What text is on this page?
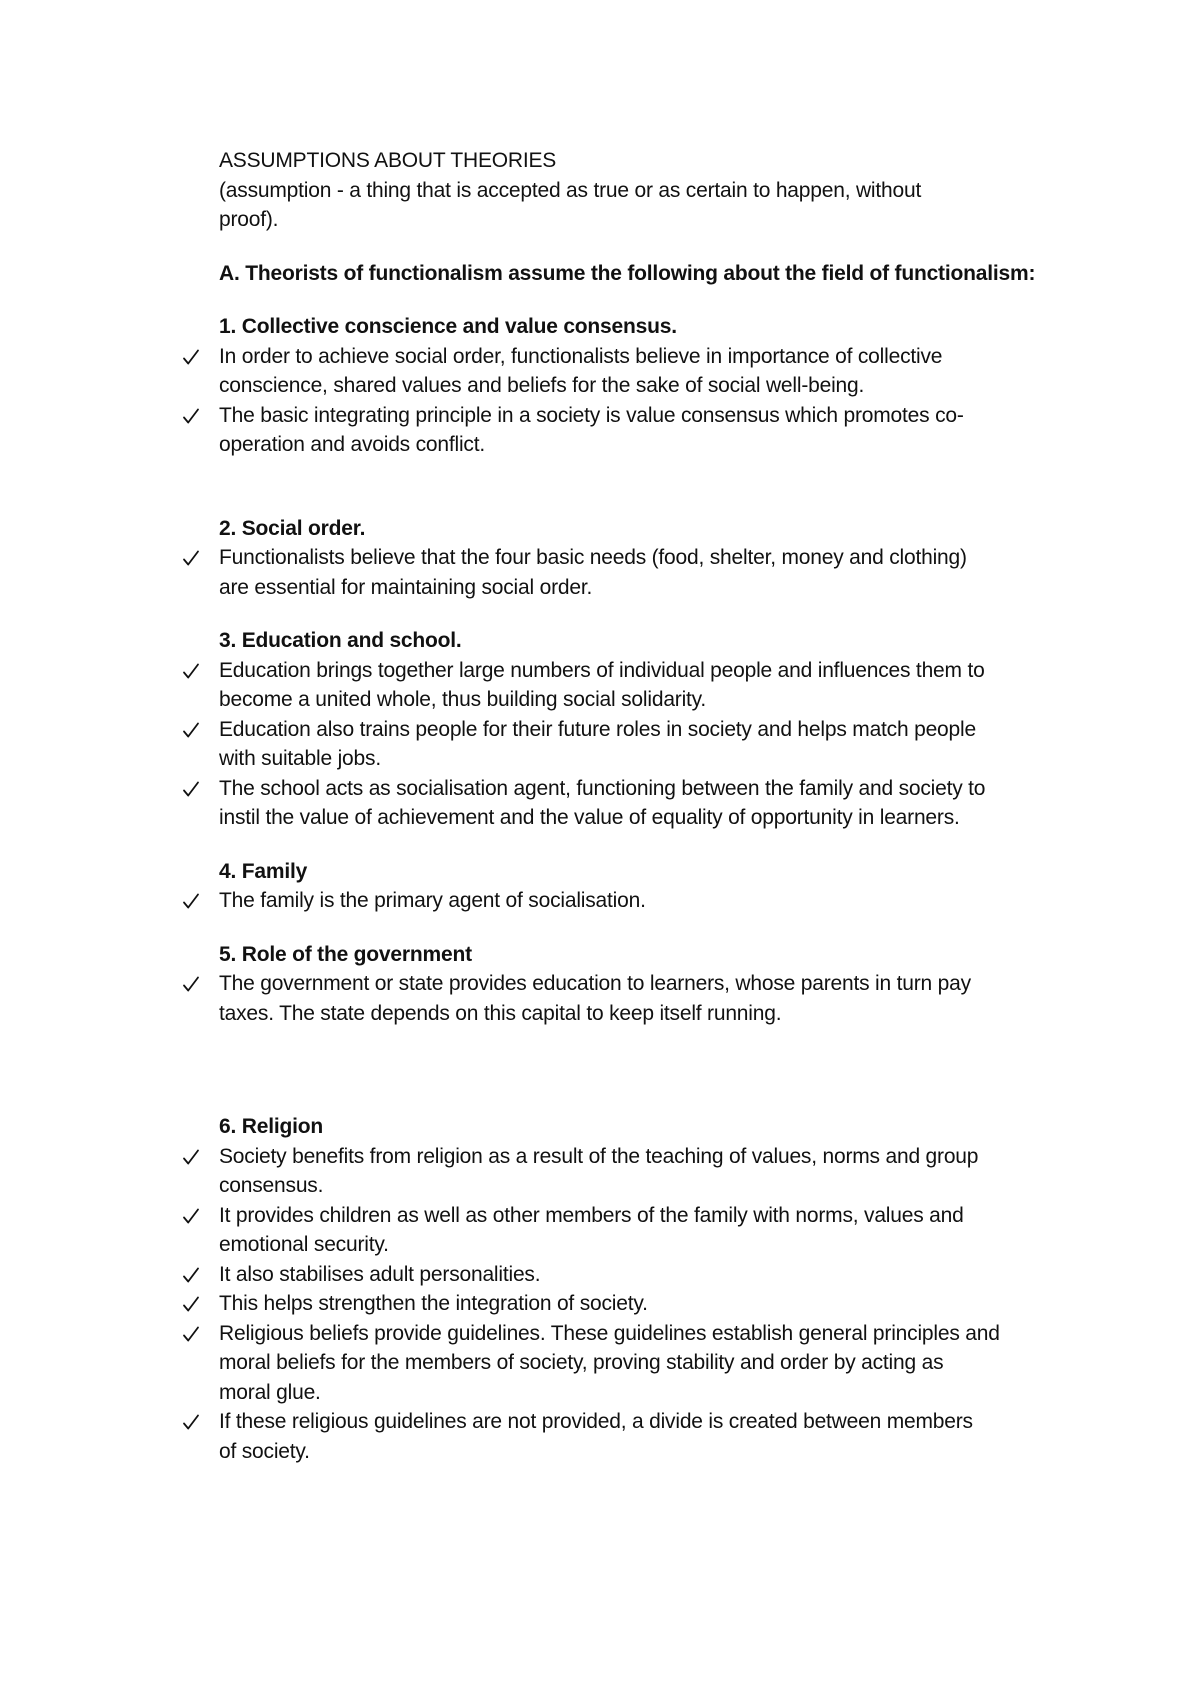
ASSUMPTIONS ABOUT THEORIES

(assumption - a thing that is accepted as true or as certain to happen, without

proof).

A. Theorists of functionalism assume the following about the field of functionalism:

1. Collective conscience and value consensus.

In order to achieve social order, functionalists believe in importance of collective

conscience, shared values and beliefs for the sake of social well-being.

The basic integrating principle in a society is value consensus which promotes co-

operation and avoids conflict.

2. Social order.

Functionalists believe that the four basic needs (food, shelter, money and clothing)

are essential for maintaining social order.

3. Education and school.

Education brings together large numbers of individual people and influences them to

become a united whole, thus building social solidarity.

Education also trains people for their future roles in society and helps match people

with suitable jobs.

The school acts as socialisation agent, functioning between the family and society to

instil the value of achievement and the value of equality of opportunity in learners.

4. Family

The family is the primary agent of socialisation.

5. Role of the government

The government or state provides education to learners, whose parents in turn pay

taxes. The state depends on this capital to keep itself running.

6. Religion

Society benefits from religion as a result of the teaching of values, norms and group

consensus.

It provides children as well as other members of the family with norms, values and

emotional security.

It also stabilises adult personalities.

This helps strengthen the integration of society.

Religious beliefs provide guidelines. These guidelines establish general principles and

moral beliefs for the members of society, proving stability and order by acting as

moral glue.

If these religious guidelines are not provided, a divide is created between members

of society.
